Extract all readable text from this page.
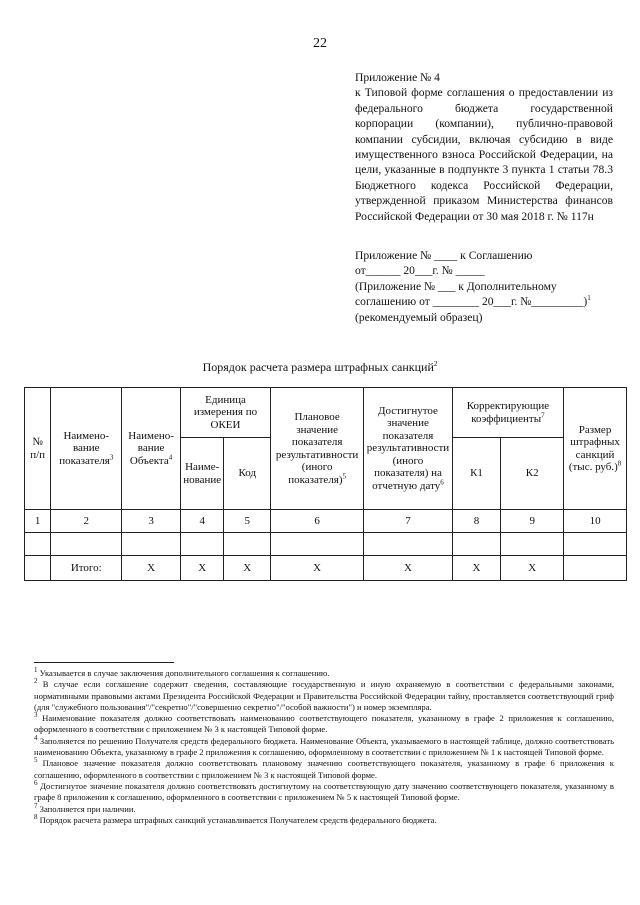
22

Приложение № 4

к Типовой форме соглашения о предоставлении из федерального бюджета государственной корпорации (компании), публично-правовой компании субсидии, включая субсидию в виде имущественного взноса Российской Федерации, на цели, указанные в подпункте 3 пункта 1 статьи 78.3 Бюджетного кодекса Российской Федерации, утвержденной приказом Министерства финансов Российской Федерации от 30 мая 2018 г. № 117н

Приложение № ____ к Соглашению
от______ 20___г. № _____
(Приложение № ___ к Дополнительному
соглашению от ________ 20___г. №_________)$^1$
(рекомендуемый образец)
Порядок расчета размера штрафных санкций$^2$
№ п/п	Наимено-вание показателя$^3$	Наимено-вание Объекта$^4$	Единица измерения по ОКЕИ		Плановое значение показателя результативности (иного показателя)$^5$	Достигнутое значение показателя результативности (иного показателя) на отчетную дату$^6$	Корректирующие коэффициенты$^7$		Размер штрафных санкций (тыс. руб.)$^8$
			Наиме-нование	Код			К1	К2	
1	2	3	4	5	6	7	8	9	10

	Итого:	X	X	X	X	X	X	X	
$^1$ Указывается в случае заключения дополнительного соглашения к соглашению.
$^2$ В случае если соглашение содержит сведения, составляющие государственную и иную охраняемую в соответствии с федеральными законами, нормативными правовыми актами Президента Российской Федерации и Правительства Российской Федерации тайну, проставляется соответствующий гриф (для "служебного пользования"/"секретно"/"совершенно секретно"/"особой важности") и номер экземпляра.
$^3$ Наименование показателя должно соответствовать наименованию соответствующего показателя, указанному в графе 2 приложения к соглашению, оформленного в соответствии с приложением № 3 к настоящей Типовой форме.
$^4$ Заполняется по решению Получателя средств федерального бюджета. Наименование Объекта, указываемого в настоящей таблице, должно соответствовать наименованию Объекта, указанному в графе 2 приложения к соглашению, оформленному в соответствии с приложением № 1 к настоящей Типовой форме.
$^5$ Плановое значение показателя должно соответствовать плановому значению соответствующего показателя, указанному в графе 6 приложения к соглашению, оформленного в соответствии с приложением № 3 к настоящей Типовой форме.
$^6$ Достигнутое значение показателя должно соответствовать достигнутому на соответствующую дату значению соответствующего показателя, указанному в графе 8 приложения к соглашению, оформленного в соответствии с приложением № 5 к настоящей Типовой форме.
$^7$ Заполняется при наличии.
$^8$ Порядок расчета размера штрафных санкций устанавливается Получателем средств федерального бюджета.
